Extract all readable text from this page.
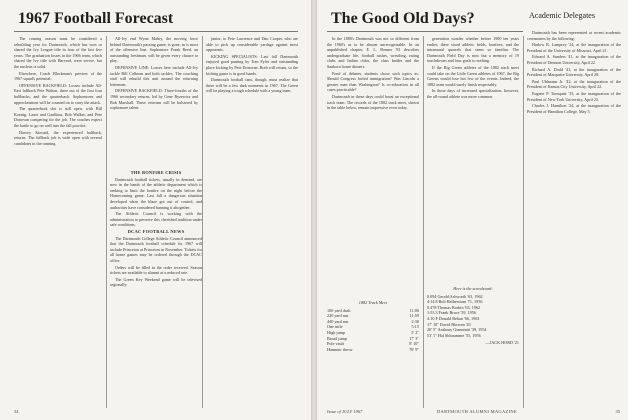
1967 Football Forecast

The coming season must be considered a rebuilding year for Dartmouth, which has won or shared the Ivy League title in four of the last five years. The graduation losses in the 1966 team, which shared the Ivy title with Harvard, were severe, but the nucleus is solid.

Elsewhere, Coach Blackman's preview of the 1967 squad's potential:

OFFENSIVE BACKFIELD: Losses include All-East fullback Pete Walton, three out of the first four halfbacks, and the quarterback. Sophomores and upperclassmen will be counted on to carry the attack.

The quarterback slot is still open, with Bill Koenig, Lauer and Gaulkins, Bob Walker, and Pete Donovan competing for the job. The coaches expect the battle to go on well into the fall practice.

Harvey Kincaid, the experienced halfback, returns. The fullback job is wide open with several candidates in the running.

All-Ivy end Wynn Mabry, the moving force behind Dartmouth's passing game, is gone, as is most of the offensive line. Sophomore Frank Reed, an outstanding freshman, will be given every chance to play.

DEFENSIVE LINE: Losses here include All-Ivy tackle Bill Calhoun and both tackles. The coaching staff will rebuild this unit around the returning lettermen.

DEFENSIVE BACKFIELD: Three-fourths of the 1966 secondary returns, led by Gene Ryzewicz and Bob Marshall. These veterans will be bolstered by sophomore talent.

junior, to Pete Lawrence and Dan Cooper, who are able to pick up considerable yardage against most opponents.

KICKING SPECIALISTS: Last fall Dartmouth enjoyed good punting by Tom Pyles and outstanding place kicking by Pete Donovan. Both will return, so the kicking game is in good hands.

Dartmouth football fans, though, must realize that there will be a few dark moments in 1967. The Green will be playing a tough schedule with a young team.

THE BONFIRE CRISIS

Dartmouth football tickets, usually in demand, are now in the hands of the athletic department which is seeking to limit the bonfire on the night before the Homecoming game. Last fall a dangerous situation developed when the blaze got out of control, and authorities have considered banning it altogether.

The Athletic Council is working with the administration to preserve this cherished tradition under safe conditions.

DCAC FOOTBALL NEWS

The Dartmouth College Athletic Council announced that the Dartmouth football schedule for 1967 will include Princeton at Princeton in November. Tickets for all home games may be ordered through the DCAC office.

Orders will be filled in the order received. Season tickets are available to alumni at a reduced rate.

The Green Key Weekend game will be televised regionally.

54
The Good Old Days?	Academic Delegates

In the 1880's Dartmouth was not so different from the 1960's as to be almost unrecognizable. In an unpublished chapter, E. L. Bonner '81 describes undergraduate life, football rushes, wrestling, eating clubs and Indian clubs, the class battles and the Sanborn house dinners.

Fond of debates, students chose such topics as: Should Congress forbid immigration? Was Lincoln a greater man than Washington? Is co-education in all cases practicable?

Dartmouth in those days could boast an exceptional track team. The records of the 1882 track meet, shown in the table below, remain impressive even today.

generation wonder whether before 1900 ten years earlier, there stood athletic fields, bonfires, and the intramural quarrels that seem so familiar. The Dartmouth Field Day is now but a memory of 19 touchdowns and four goals to nothing.

If the Big Green athletes of the 1882 track meet could take on the Little Green athletes of 1967, the Big Greens would lose but few of the events. Indeed, the 1882 team would surely finish respectably.

In those days of increased specialization, however, the all-round athlete was more common.

Dartmouth has been represented at recent academic ceremonies by the following:

Harlow R. Lamprey '24, at the inauguration of the President of the University of Missouri, April 21.

Edward A. Sanders '41, at the inauguration of the President of Denison University, April 22.

Richard A. Dodd '41, at the inauguration of the President of Marquette University, April 28.

Paul Uhlmann Jr. '42, at the inauguration of the President of Kansas City University, April 22.

Eugene P. Tornquist '35, at the inauguration of the President of New York University, April 23.

Charles J. Hamilton '24, at the inauguration of the President of Hamilton College, May 5.

1882 Track Meet
100 yard dash	11:00
220 yard run	11:59
440 yard run	2:30
One mile	5:15
High jump	5' 2"
Broad jump	17' 3"
Pole vault	8' 10"
Hammer throw	76' 9"
Here is the scoreboard:
0.094 Gerald Ashworth '63, 1962
4:14.8 Bob Halberstam '71, 1956
0.478 Thomas Borkin '63, 1962
1:53.3 Frank Bruce '59, 1956
4:10 F Donald Beban '66, 1963
17' 10" David Bloxom '43
20' 5" Anthony Gianniatti '39, 1954
53' 1" Hal Shluramme '55, 1956
—JACK HORD '21
Issue of JULY 1967	DARTMOUTH ALUMNI MAGAZINE	35
